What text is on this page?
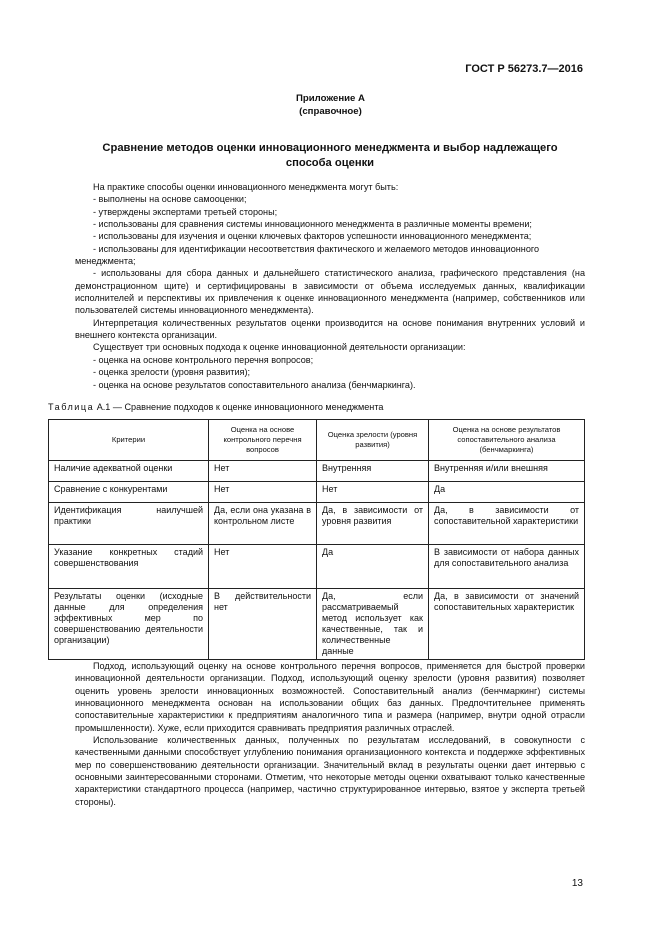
ГОСТ Р 56273.7—2016
Приложение А
(справочное)
Сравнение методов оценки инновационного менеджмента и выбор надлежащего
способа оценки

На практике способы оценки инновационного менеджмента могут быть:

- выполнены на основе самооценки;

- утверждены экспертами третьей стороны;

- использованы для сравнения системы инновационного менеджмента в различные моменты времени;

- использованы для изучения и оценки ключевых факторов успешности инновационного менеджмента;

- использованы для идентификации несоответствия фактического и желаемого методов инновационного менеджмента;

- использованы для сбора данных и дальнейшего статистического анализа, графического представления (на демонстрационном щите) и сертифицированы в зависимости от объема исследуемых данных, квалификации исполнителей и перспективы их привлечения к оценке инновационного менеджмента (например, собственников или пользователей системы инновационного менеджмента).

Интерпретация количественных результатов оценки производится на основе понимания внутренних условий и внешнего контекста организации.

Существует три основных подхода к оценке инновационной деятельности организации:

- оценка на основе контрольного перечня вопросов;

- оценка зрелости (уровня развития);

- оценка на основе результатов сопоставительного анализа (бенчмаркинга).

Таблица А.1 — Сравнение подходов к оценке инновационного менеджмента
Критерии	Оценка на основе контрольного перечня вопросов	Оценка зрелости (уровня развития)	Оценка на основе результатов сопоставительного анализа (бенчмаркинга)
Наличие адекватной оценки	Нет	Внутренняя	Внутренняя и/или внешняя
Сравнение с конкурентами	Нет	Нет	Да
Идентификация наилучшей практики	Да, если она указана в контрольном листе	Да, в зависимости от уровня развития	Да, в зависимости от сопоставительной характеристики
Указание конкретных стадий совершенствования	Нет	Да	В зависимости от набора данных для сопоставительного анализа
Результаты оценки (исходные данные для определения эффективных мер по совершенствованию деятельности организации)	В действительности нет	Да, если рассматриваемый метод использует как качественные, так и количественные данные	Да, в зависимости от значений сопоставительных характеристик

Подход, использующий оценку на основе контрольного перечня вопросов, применяется для быстрой проверки инновационной деятельности организации. Подход, использующий оценку зрелости (уровня развития) позволяет оценить уровень зрелости инновационных возможностей. Сопоставительный анализ (бенчмаркинг) системы инновационного менеджмента основан на использовании общих баз данных. Предпочтительнее применять сопоставительные характеристики к предприятиям аналогичного типа и размера (например, внутри одной отрасли промышленности). Хуже, если приходится сравнивать предприятия различных отраслей.

Использование количественных данных, полученных по результатам исследований, в совокупности с качественными данными способствует углублению понимания организационного контекста и поддержке эффективных мер по совершенствованию деятельности организации. Значительный вклад в результаты оценки дает интервью с основными заинтересованными сторонами. Отметим, что некоторые методы оценки охватывают только качественные характеристики стандартного процесса (например, частично структурированное интервью, взятое у эксперта третьей стороны).

13
